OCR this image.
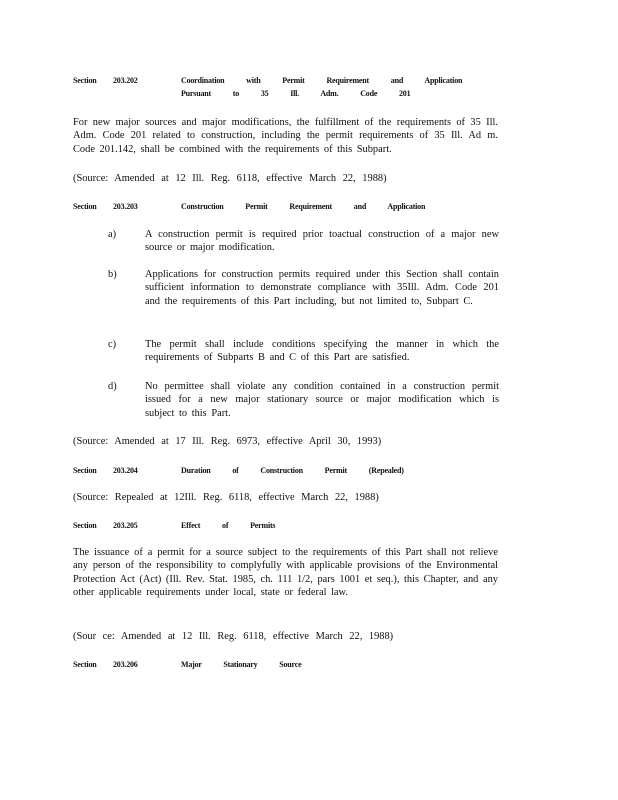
Section	203.202	Coordination with Permit Requirement and Application Pursuant to 35 Ill. Adm. Code 201
For new major sources and major modifications, the fulfillment of the requirements of 35 Ill. Adm. Code 201 related to construction, including the permit requirements of 35 Ill. Ad m. Code 201.142, shall be combined with the requirements of this Subpart.
(Source: Amended at 12 Ill. Reg. 6118, effective March 22, 1988)
Section	203.203	Construction Permit Requirement and Application
a)	A construction permit is required prior toactual construction of a major new source or major modification.
b)	Applications for construction permits required under this Section shall contain sufficient information to demonstrate compliance with 35Ill. Adm. Code 201 and the requirements of this Part including, but not limited to, Subpart C.
c)	The permit shall include conditions specifying the manner in which the requirements of Subparts B and C of this Part are satisfied.
d)	No permittee shall violate any condition contained in a construction permit issued for a new major stationary source or major modification which is subject to this Part.
(Source: Amended at 17 Ill. Reg. 6973, effective April 30, 1993)
Section	203.204	Duration of Construction Permit (Repealed)
(Source: Repealed at 12Ill. Reg. 6118, effective March 22, 1988)
Section	203.205	Effect of Permits
The issuance of a permit for a source subject to the requirements of this Part shall not relieve any person of the responsibility to complyfully with applicable provisions of the Environmental Protection Act (Act) (Ill. Rev. Stat. 1985, ch. 111 1/2, pars 1001 et seq.), this Chapter, and any other applicable requirements under local, state or federal law.
(Sour ce: Amended at 12 Ill. Reg. 6118, effective March 22, 1988)
Section	203.206	Major Stationary Source
